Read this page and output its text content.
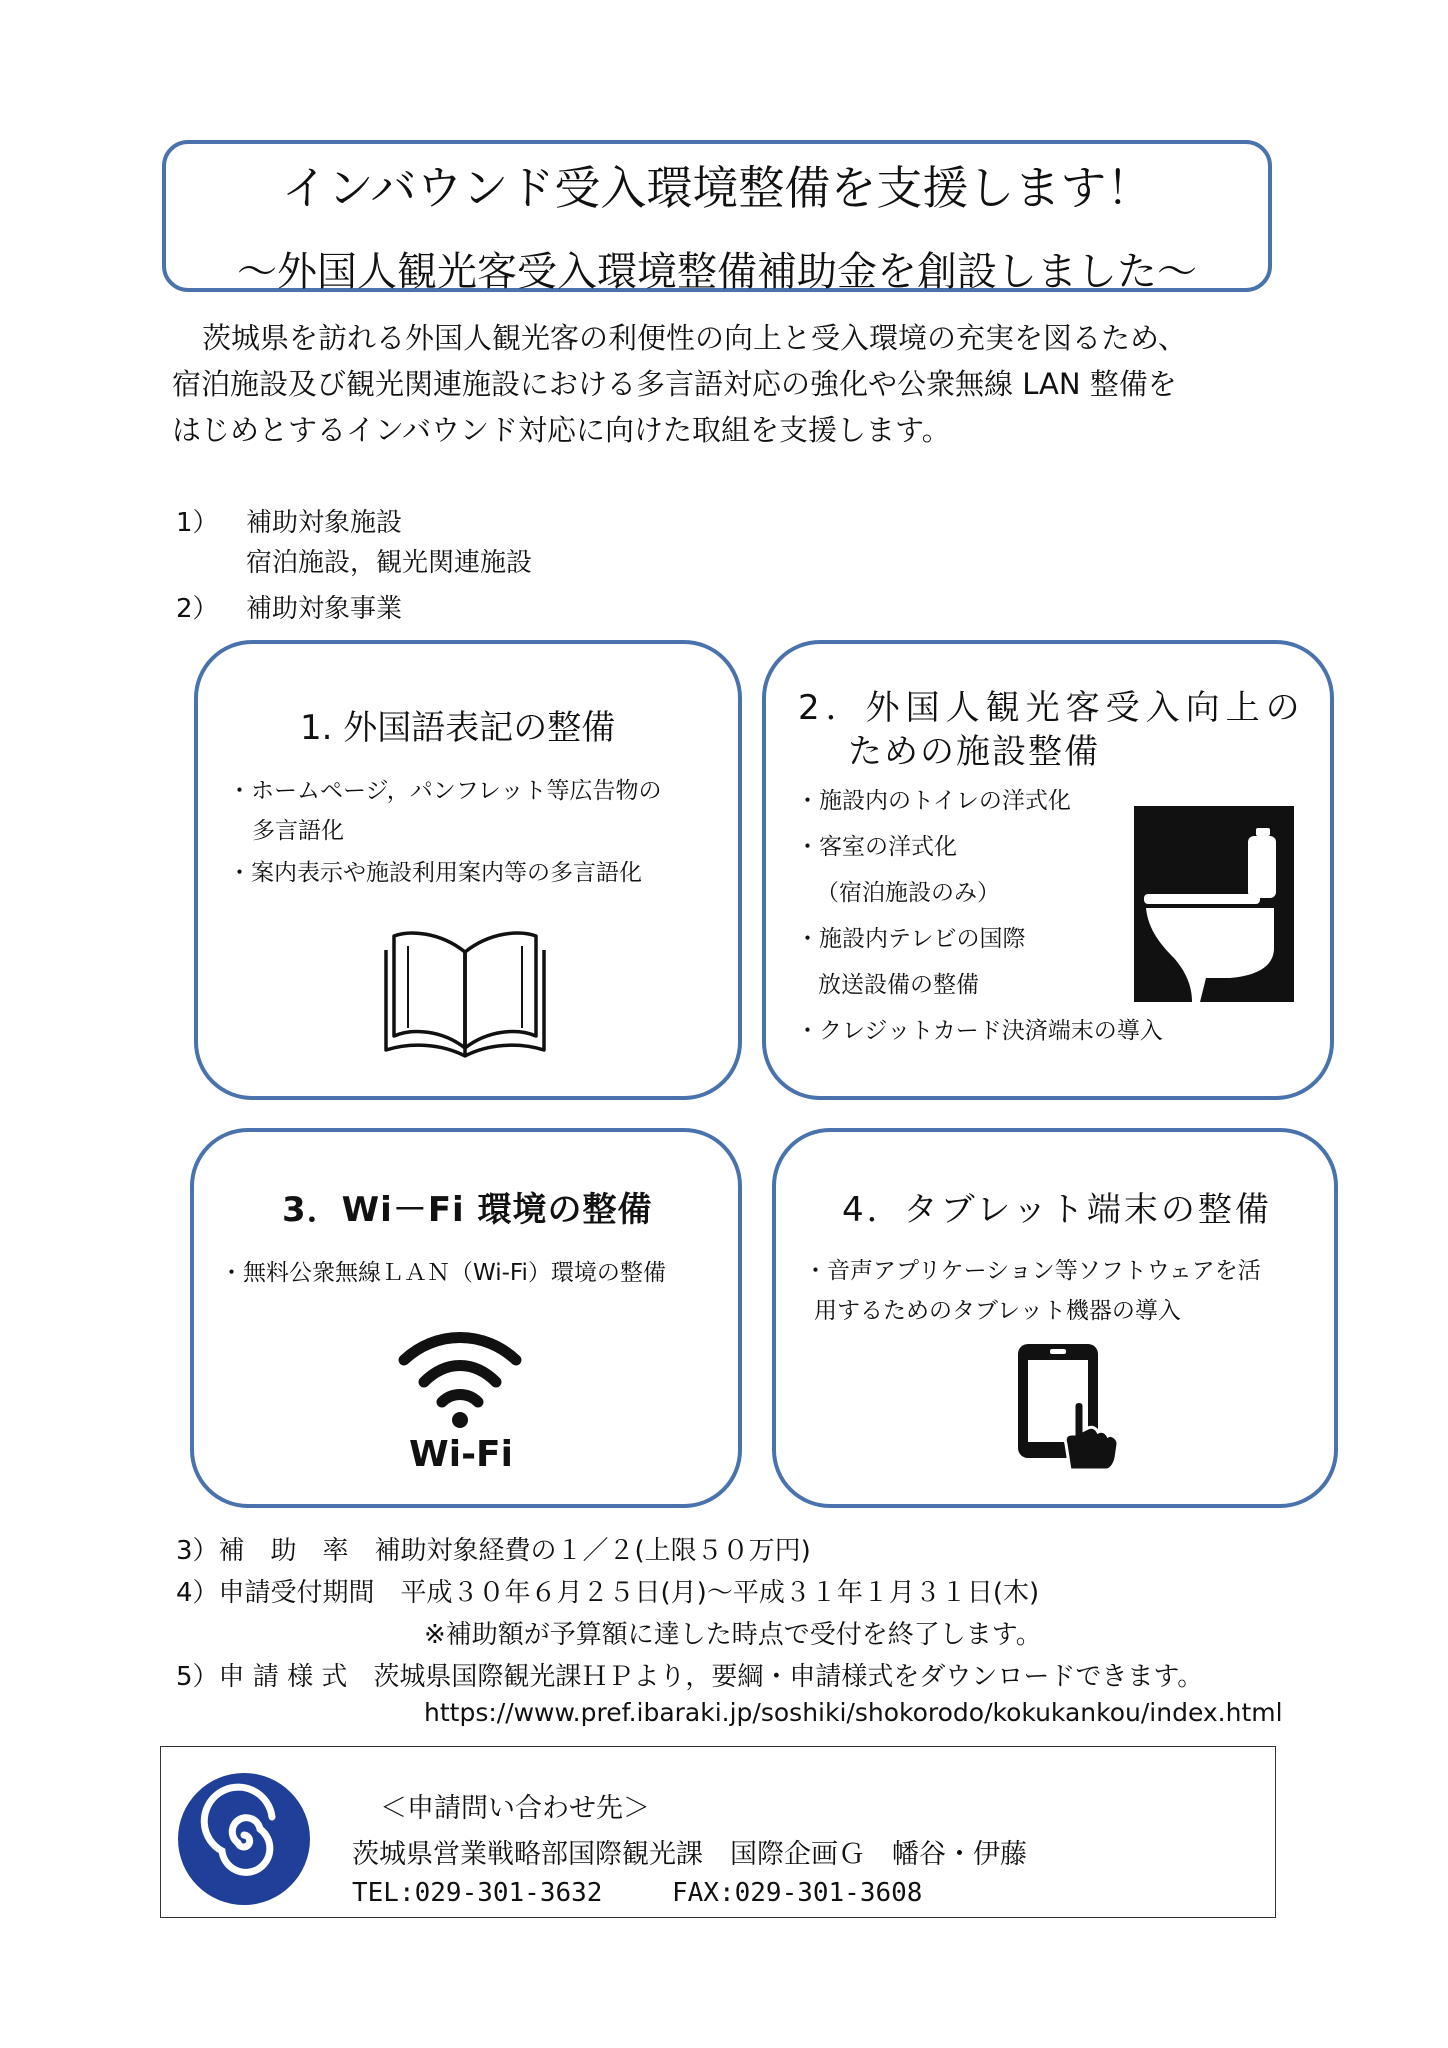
インバウンド受入環境整備を支援します！
～外国人観光客受入環境整備補助金を創設しました～
茨城県を訪れる外国人観光客の利便性の向上と受入環境の充実を図るため、
宿泊施設及び観光関連施設における多言語対応の強化や公衆無線 LAN 整備を
はじめとするインバウンド対応に向けた取組を支援します。
1） 補助対象施設
宿泊施設，観光関連施設
2） 補助対象事業
1. 外国語表記の整備
・ホームページ，パンフレット等広告物の
多言語化
・案内表示や施設利用案内等の多言語化
2．外国人観光客受入向上の
ための施設整備
・施設内のトイレの洋式化
・客室の洋式化
（宿泊施設のみ）
・施設内テレビの国際
放送設備の整備
・クレジットカード決済端末の導入
3．Wi－Fi 環境の整備
・無料公衆無線ＬＡＮ（Wi-Fi）環境の整備
Wi-Fi
4．タブレット端末の整備
・音声アプリケーション等ソフトウェアを活
用するためのタブレット機器の導入
3）補　助　率　補助対象経費の１／２(上限５０万円)
4）申請受付期間　平成３０年６月２５日(月)～平成３１年１月３１日(木)
※補助額が予算額に達した時点で受付を終了します。
5）申 請 様 式　茨城県国際観光課ＨＰより，要綱・申請様式をダウンロードできます。
https://www.pref.ibaraki.jp/soshiki/shokorodo/kokukankou/index.html
＜申請問い合わせ先＞
茨城県営業戦略部国際観光課　国際企画Ｇ　幡谷・伊藤
TEL:029-301-3632	FAX:029-301-3608
